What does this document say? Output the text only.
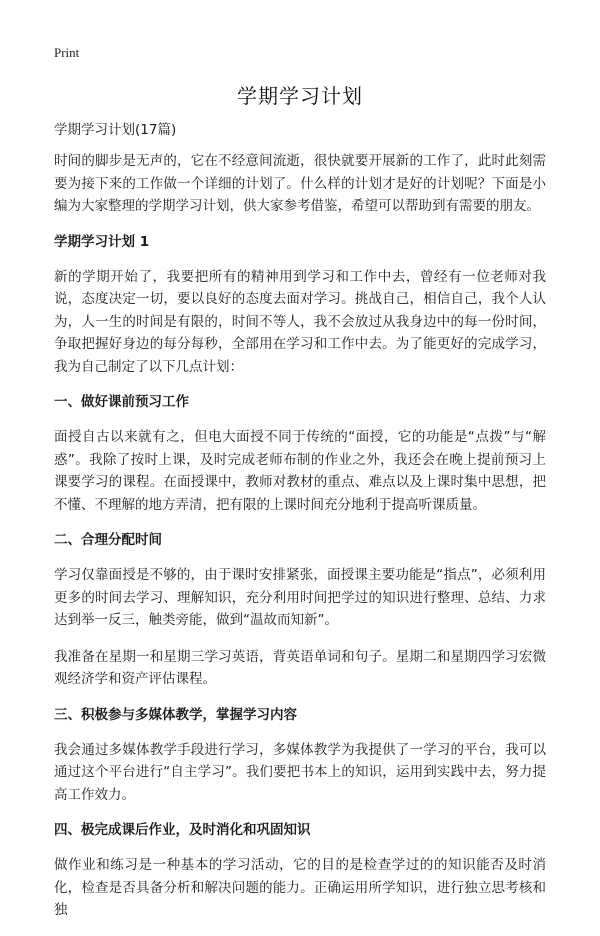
Print
学期学习计划
学期学习计划(17篇)

时间的脚步是无声的，它在不经意间流逝，很快就要开展新的工作了，此时此刻需要为接下来的工作做一个详细的计划了。什么样的计划才是好的计划呢？下面是小编为大家整理的学期学习计划，供大家参考借鉴，希望可以帮助到有需要的朋友。

学期学习计划 1

新的学期开始了，我要把所有的精神用到学习和工作中去，曾经有一位老师对我说，态度决定一切，要以良好的态度去面对学习。挑战自己，相信自己，我个人认为，人一生的时间是有限的，时间不等人，我不会放过从我身边中的每一份时间，争取把握好身边的每分每秒，全部用在学习和工作中去。为了能更好的完成学习，我为自己制定了以下几点计划：

一、做好课前预习工作

面授自古以来就有之，但电大面授不同于传统的“面授，它的功能是“点拨”与“解惑”。我除了按时上课，及时完成老师布制的作业之外，我还会在晚上提前预习上课要学习的课程。在面授课中，教师对教材的重点、难点以及上课时集中思想，把不懂、不理解的地方弄清，把有限的上课时间充分地利于提高听课质量。

二、合理分配时间

学习仅靠面授是不够的，由于课时安排紧张，面授课主要功能是“指点”，必须利用更多的时间去学习、理解知识，充分利用时间把学过的知识进行整理、总结、力求达到举一反三，触类旁能，做到“温故而知新”。

我准备在星期一和星期三学习英语，背英语单词和句子。星期二和星期四学习宏微观经济学和资产评估课程。

三、积极参与多媒体教学，掌握学习内容

我会通过多媒体教学手段进行学习，多媒体教学为我提供了一学习的平台，我可以通过这个平台进行“自主学习”。我们要把书本上的知识，运用到实践中去，努力提高工作效力。

四、极完成课后作业，及时消化和巩固知识

做作业和练习是一种基本的学习活动，它的目的是检查学过的的知识能否及时消化，检查是否具备分析和解决问题的能力。正确运用所学知识，进行独立思考核和独
